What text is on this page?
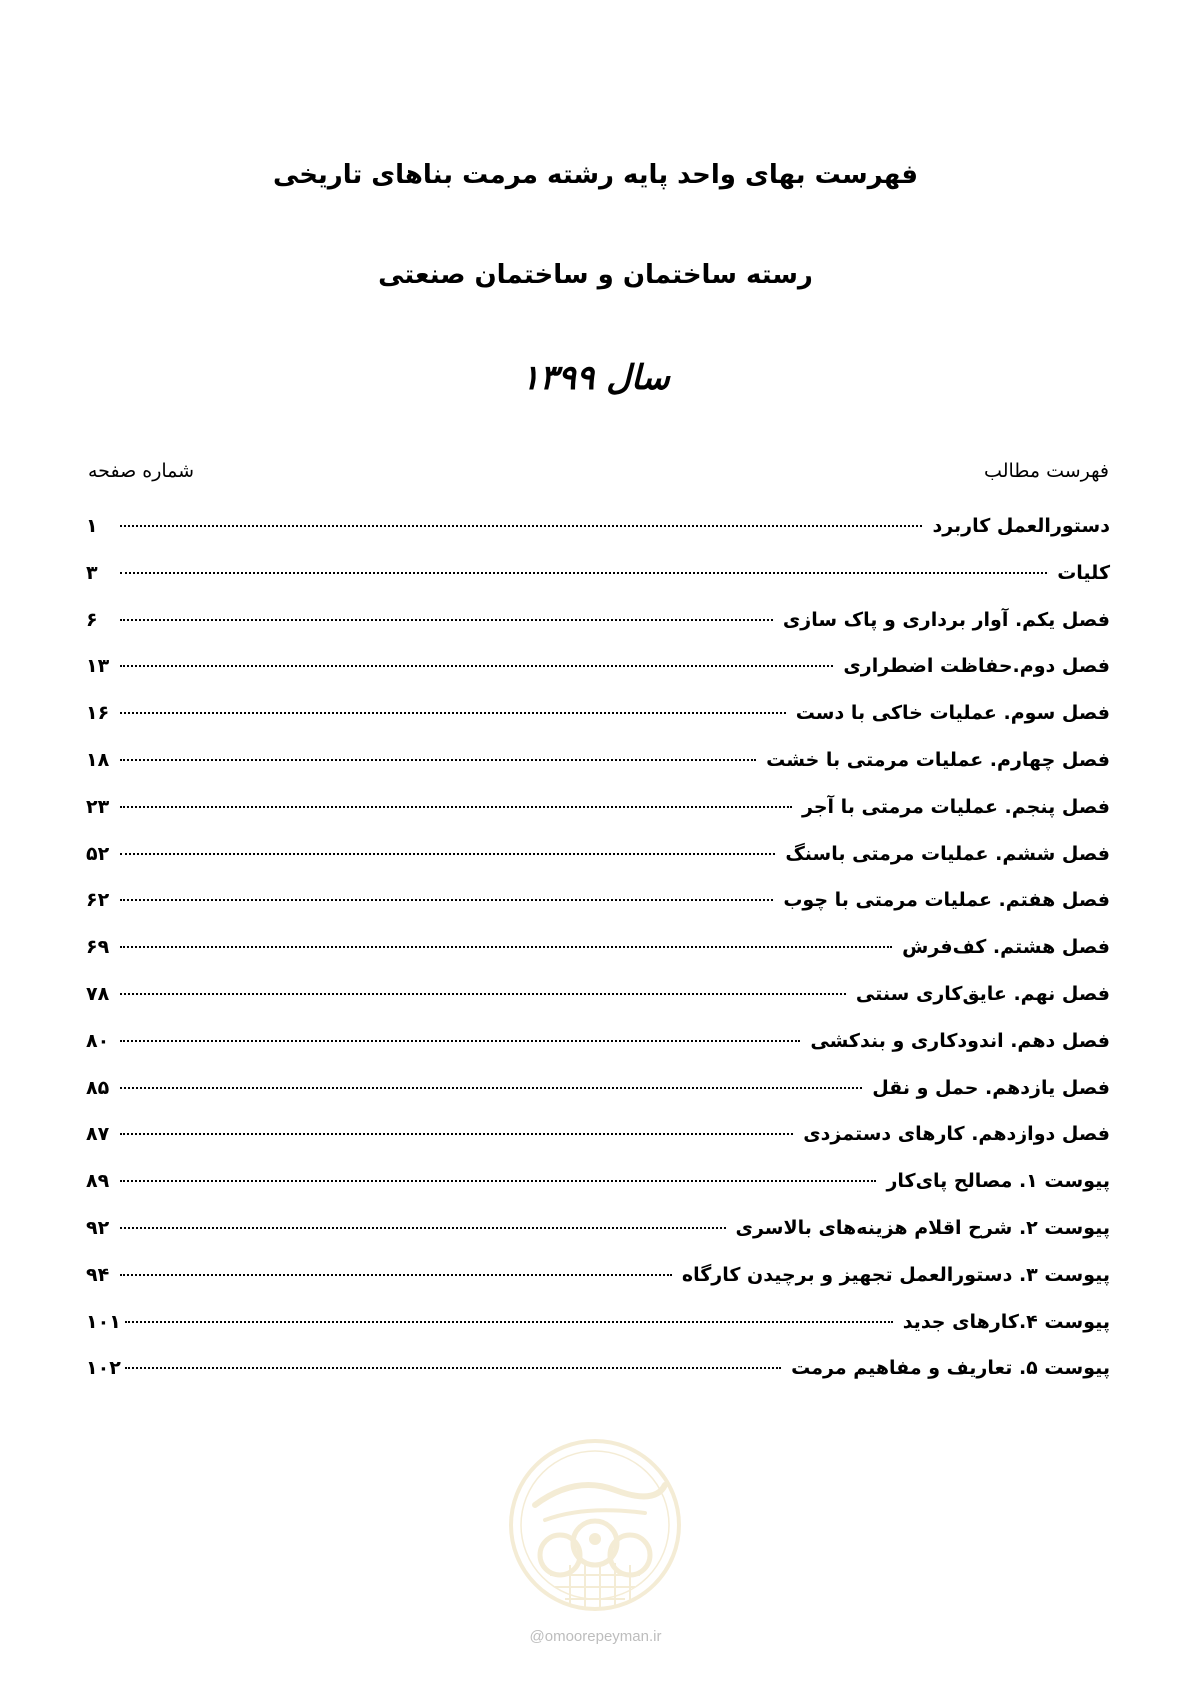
فهرست بهای واحد پایه رشته مرمت بناهای تاریخی
رسته ساختمان و ساختمان صنعتی
سال ۱۳۹۹
فهرست مطالب
شماره صفحه
دستورالعمل کاربرد
۱
کلیات
۳
فصل یکم. آوار برداری و پاک سازی
۶
فصل دوم.حفاظت اضطراری
۱۳
فصل سوم. عملیات خاکی با دست
۱۶
فصل چهارم. عملیات مرمتی با خشت
۱۸
فصل پنجم. عملیات مرمتی با آجر
۲۳
فصل ششم. عملیات مرمتی باسنگ
۵۲
فصل هفتم. عملیات مرمتی با چوب
۶۲
فصل هشتم. کف‌فرش
۶۹
فصل نهم. عایق‌کاری سنتی
۷۸
فصل دهم. اندودکاری و بندکشی
۸۰
فصل یازدهم. حمل و نقل
۸۵
فصل دوازدهم. کارهای دستمزدی
۸۷
پیوست ۱. مصالح پای‌کار
۸۹
پیوست ۲. شرح اقلام هزینه‌های بالاسری
۹۲
پیوست ۳. دستورالعمل تجهیز و برچیدن کارگاه
۹۴
پیوست ۴.کارهای جدید
۱۰۱
پیوست ۵. تعاریف و مفاهیم مرمت
۱۰۲
@omoorepeyman.ir
